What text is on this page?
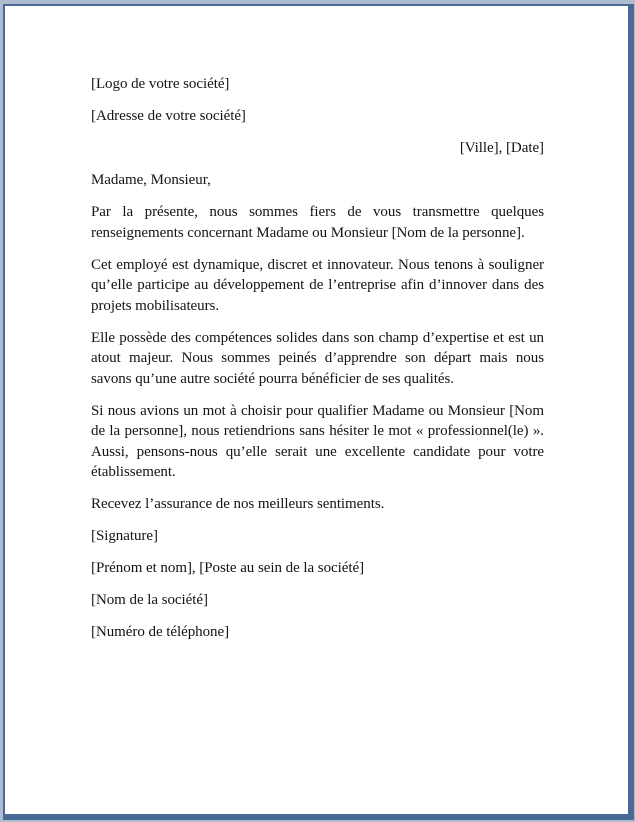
[Logo de votre société]

[Adresse de votre société]

[Ville], [Date]

Madame, Monsieur,

Par la présente, nous sommes fiers de vous transmettre quelques renseignements concernant Madame ou Monsieur [Nom de la personne].

Cet employé est dynamique, discret et innovateur. Nous tenons à souligner qu’elle participe au développement de l’entreprise afin d’innover dans des projets mobilisateurs.

Elle possède des compétences solides dans son champ d’expertise et est un atout majeur. Nous sommes peinés d’apprendre son départ mais nous savons qu’une autre société pourra bénéficier de ses qualités.

Si nous avions un mot à choisir pour qualifier Madame ou Monsieur [Nom de la personne], nous retiendrions sans hésiter le mot « professionnel(le) ». Aussi, pensons-nous qu’elle serait une excellente candidate pour votre établissement.

Recevez l’assurance de nos meilleurs sentiments.

[Signature]

[Prénom et nom], [Poste au sein de la société]

[Nom de la société]

[Numéro de téléphone]
